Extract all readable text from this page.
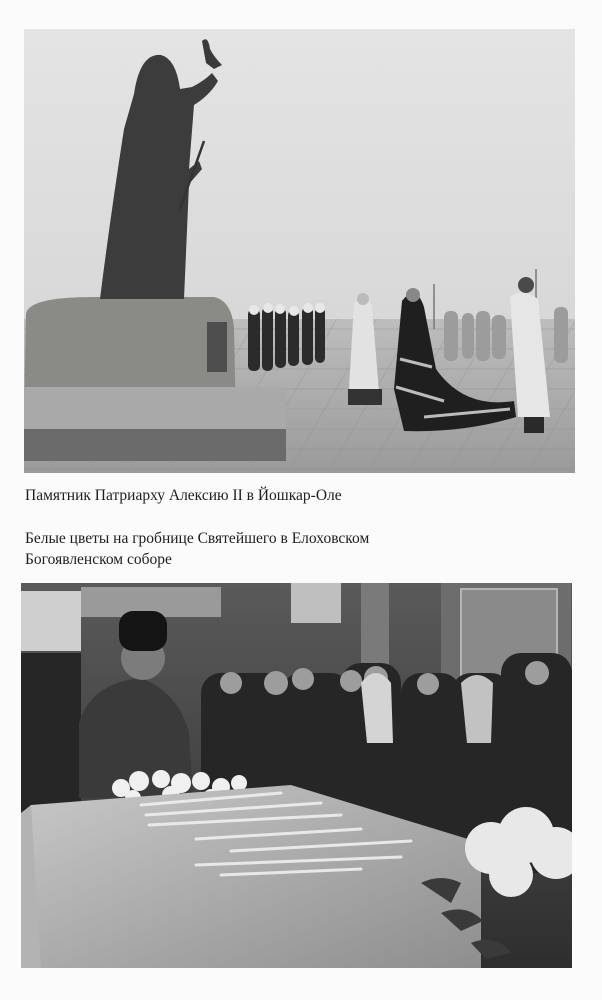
Памятник Патриарху Алексию II в Йошкар-Оле
Белые цветы на гробнице Святейшего в Елоховском
Богоявленском соборе
